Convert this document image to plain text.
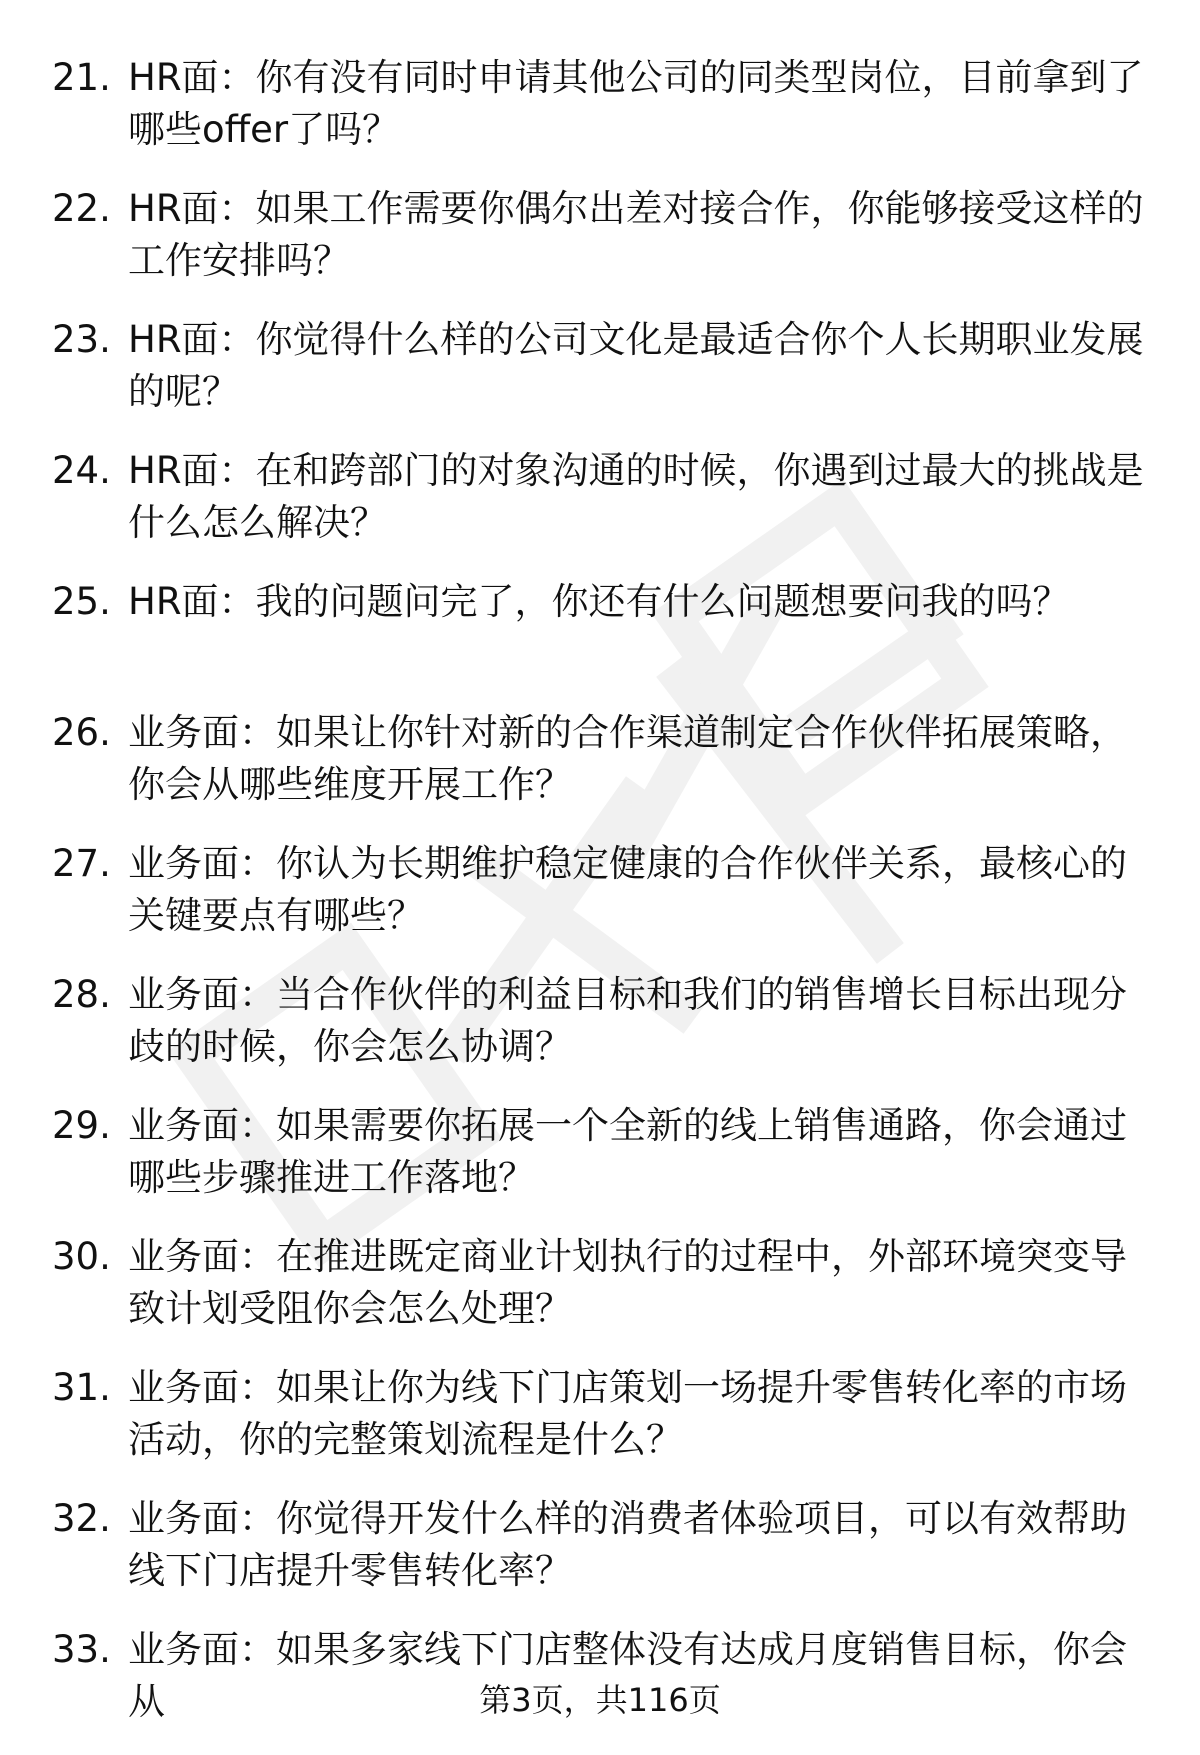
21. HR面：你有没有同时申请其他公司的同类型岗位，目前拿到了哪些offer了吗？

22. HR面：如果工作需要你偶尔出差对接合作，你能够接受这样的工作安排吗？

23. HR面：你觉得什么样的公司文化是最适合你个人长期职业发展的呢？

24. HR面：在和跨部门的对象沟通的时候，你遇到过最大的挑战是什么怎么解决？

25. HR面：我的问题问完了，你还有什么问题想要问我的吗？

26. 业务面：如果让你针对新的合作渠道制定合作伙伴拓展策略，你会从哪些维度开展工作？

27. 业务面：你认为长期维护稳定健康的合作伙伴关系，最核心的关键要点有哪些？

28. 业务面：当合作伙伴的利益目标和我们的销售增长目标出现分歧的时候，你会怎么协调？

29. 业务面：如果需要你拓展一个全新的线上销售通路，你会通过哪些步骤推进工作落地？

30. 业务面：在推进既定商业计划执行的过程中，外部环境突变导致计划受阻你会怎么处理？

31. 业务面：如果让你为线下门店策划一场提升零售转化率的市场活动，你的完整策划流程是什么？

32. 业务面：你觉得开发什么样的消费者体验项目，可以有效帮助线下门店提升零售转化率？

33. 业务面：如果多家线下门店整体没有达成月度销售目标，你会从	第3页，共116页
